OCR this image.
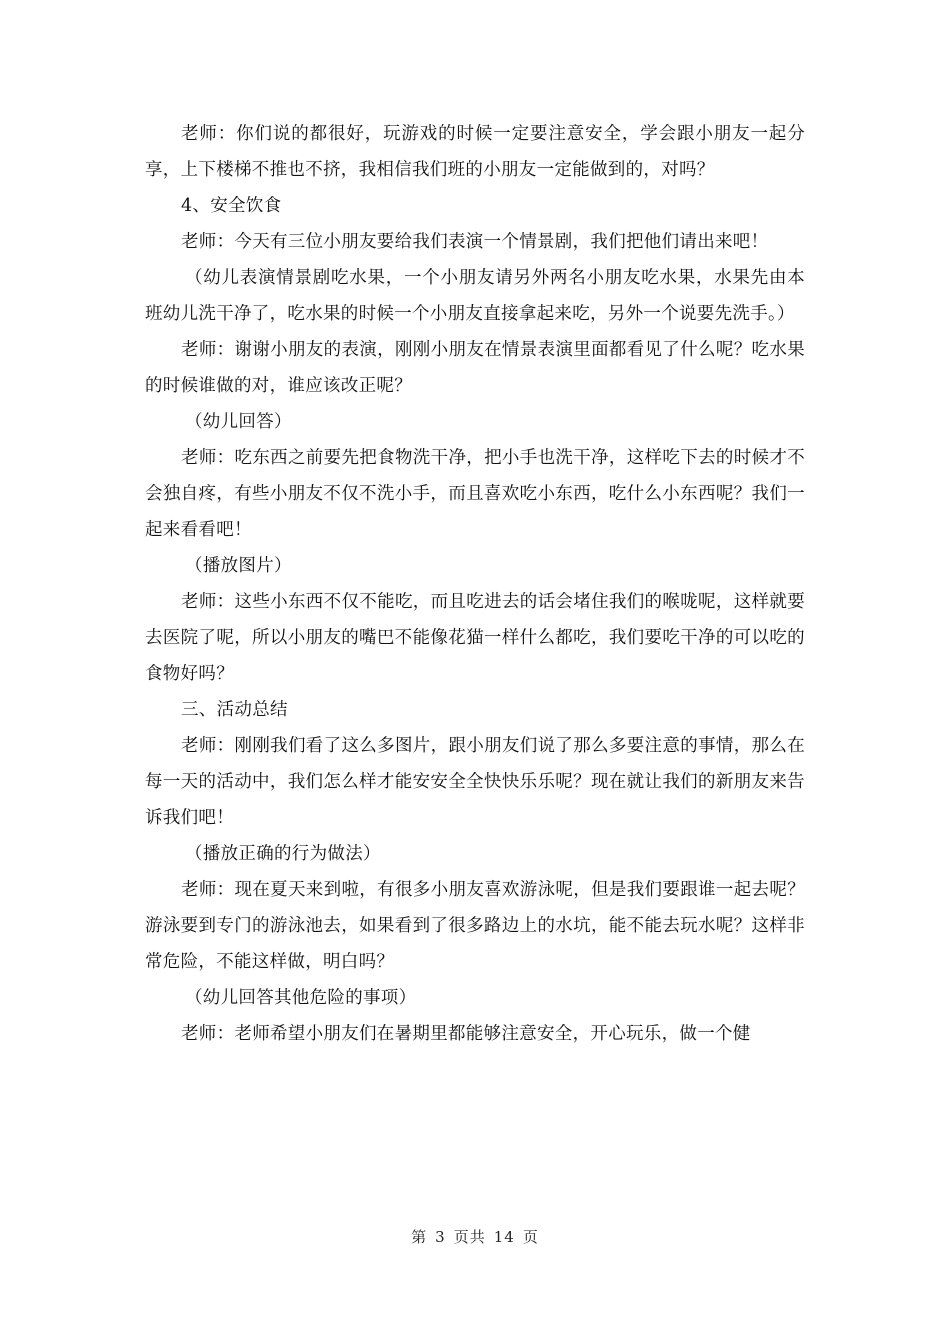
老师：你们说的都很好，玩游戏的时候一定要注意安全，学会跟小朋友一起分享，上下楼梯不推也不挤，我相信我们班的小朋友一定能做到的，对吗？

4、安全饮食

老师：今天有三位小朋友要给我们表演一个情景剧，我们把他们请出来吧！

（幼儿表演情景剧吃水果，一个小朋友请另外两名小朋友吃水果，水果先由本班幼儿洗干净了，吃水果的时候一个小朋友直接拿起来吃，另外一个说要先洗手。）

老师：谢谢小朋友的表演，刚刚小朋友在情景表演里面都看见了什么呢？吃水果的时候谁做的对，谁应该改正呢？

（幼儿回答）

老师：吃东西之前要先把食物洗干净，把小手也洗干净，这样吃下去的时候才不会独自疼，有些小朋友不仅不洗小手，而且喜欢吃小东西，吃什么小东西呢？我们一起来看看吧！

（播放图片）

老师：这些小东西不仅不能吃，而且吃进去的话会堵住我们的喉咙呢，这样就要去医院了呢，所以小朋友的嘴巴不能像花猫一样什么都吃，我们要吃干净的可以吃的食物好吗？

三、活动总结

老师：刚刚我们看了这么多图片，跟小朋友们说了那么多要注意的事情，那么在每一天的活动中，我们怎么样才能安安全全快快乐乐呢？现在就让我们的新朋友来告诉我们吧！

（播放正确的行为做法）

老师：现在夏天来到啦，有很多小朋友喜欢游泳呢，但是我们要跟谁一起去呢？游泳要到专门的游泳池去，如果看到了很多路边上的水坑，能不能去玩水呢？这样非常危险，不能这样做，明白吗？

（幼儿回答其他危险的事项）

老师：老师希望小朋友们在暑期里都能够注意安全，开心玩乐，做一个健

第 3 页共 14 页
